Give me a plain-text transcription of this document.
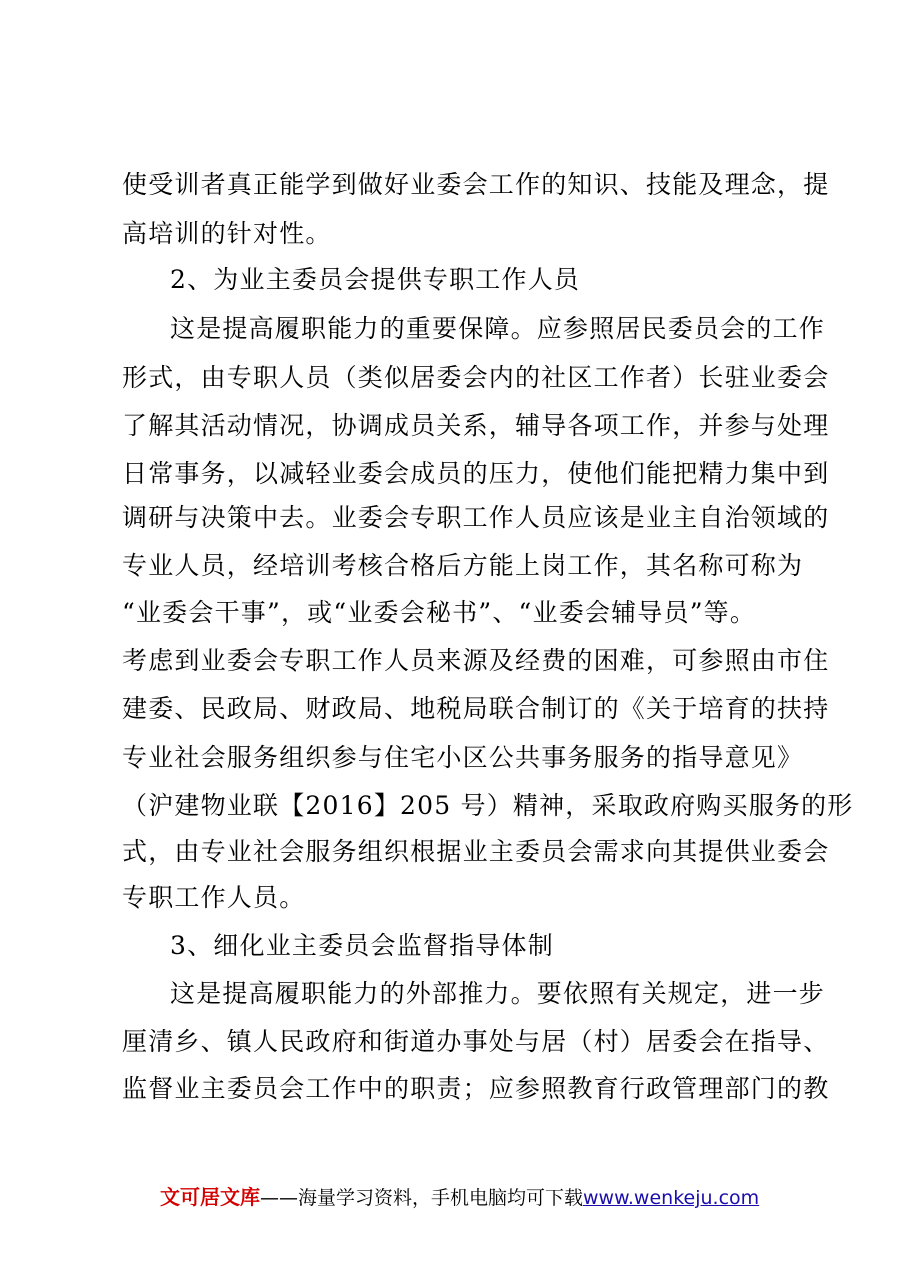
使受训者真正能学到做好业委会工作的知识、技能及理念，提
高培训的针对性。
2、为业主委员会提供专职工作人员
这是提高履职能力的重要保障。应参照居民委员会的工作
形式，由专职人员（类似居委会内的社区工作者）长驻业委会
了解其活动情况，协调成员关系，辅导各项工作，并参与处理
日常事务，以减轻业委会成员的压力，使他们能把精力集中到
调研与决策中去。业委会专职工作人员应该是业主自治领域的
专业人员，经培训考核合格后方能上岗工作，其名称可称为
“业委会干事”，或“业委会秘书”、“业委会辅导员”等。
考虑到业委会专职工作人员来源及经费的困难，可参照由市住
建委、民政局、财政局、地税局联合制订的《关于培育的扶持
专业社会服务组织参与住宅小区公共事务服务的指导意见》
（沪建物业联【2016】205 号）精神，采取政府购买服务的形
式，由专业社会服务组织根据业主委员会需求向其提供业委会
专职工作人员。
3、细化业主委员会监督指导体制
这是提高履职能力的外部推力。要依照有关规定，进一步
厘清乡、镇人民政府和街道办事处与居（村）居委会在指导、
监督业主委员会工作中的职责；应参照教育行政管理部门的教
文可居文库——海量学习资料，手机电脑均可下载www.wenkeju.com
